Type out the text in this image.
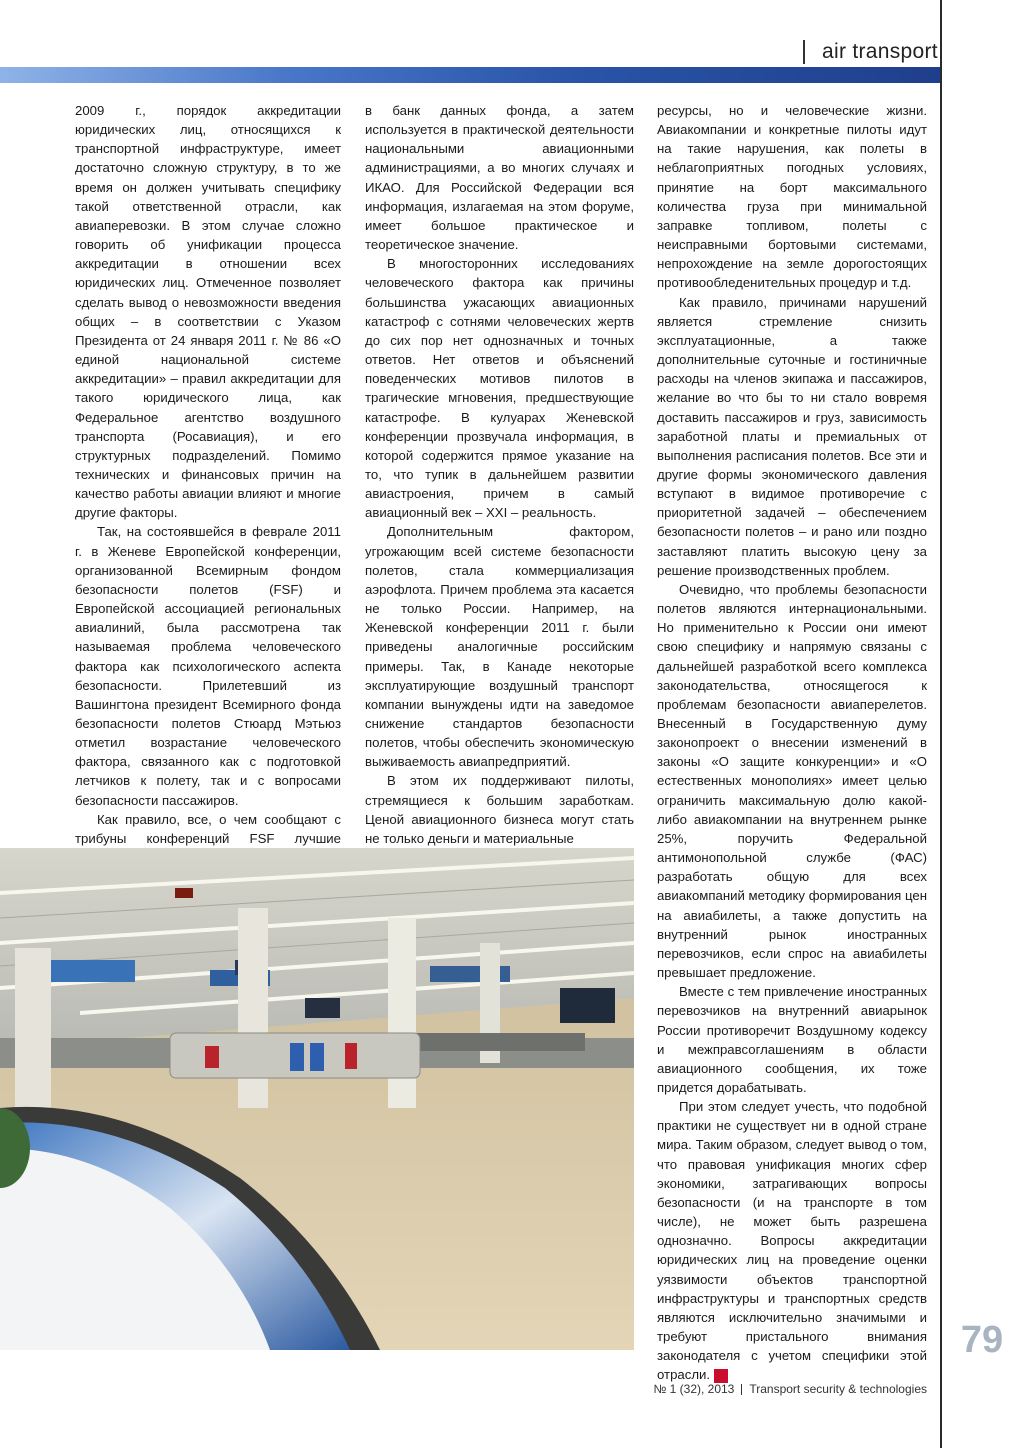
air transport

2009 г., порядок аккредитации юридических лиц, относящихся к транспортной инфраструктуре, имеет достаточно сложную структуру, в то же время он должен учитывать специфику такой ответственной отрасли, как авиаперевозки. В этом случае сложно говорить об унификации процесса аккредитации в отношении всех юридических лиц. Отмеченное позволяет сделать вывод о невозможности введения общих – в соответствии с Указом Президента от 24 января 2011 г. № 86 «О единой национальной системе аккредитации» – правил аккредитации для такого юридического лица, как Федеральное агентство воздушного транспорта (Росавиация), и его структурных подразделений. Помимо технических и финансовых причин на качество работы авиации влияют и многие другие факторы.

Так, на состоявшейся в феврале 2011 г. в Женеве Европейской конференции, организованной Всемирным фондом безопасности полетов (FSF) и Европейской ассоциацией региональных авиалиний, была рассмотрена так называемая проблема человеческого фактора как психологического аспекта безопасности. Прилетевший из Вашингтона президент Всемирного фонда безопасности полетов Стюард Мэтьюз отметил возрастание человеческого фактора, связанного как с подготовкой летчиков к полету, так и с вопросами безопасности пассажиров.

Как правило, все, о чем сообщают с трибуны конференций FSF лучшие

в банк данных фонда, а затем используется в практической деятельности национальными авиационными администрациями, а во многих случаях и ИКАО. Для Российской Федерации вся информация, излагаемая на этом форуме, имеет большое практическое и теоретическое значение.

В многосторонних исследованиях человеческого фактора как причины большинства ужасающих авиационных катастроф с сотнями человеческих жертв до сих пор нет однозначных и точных ответов. Нет ответов и объяснений поведенческих мотивов пилотов в трагические мгновения, предшествующие катастрофе. В кулуарах Женевской конференции прозвучала информация, в которой содержится прямое указание на то, что тупик в дальнейшем развитии авиастроения, причем в самый авиационный век – XXI – реальность.

Дополнительным фактором, угрожающим всей системе безопасности полетов, стала коммерциализация аэрофлота. Причем проблема эта касается не только России. Например, на Женевской конференции 2011 г. были приведены аналогичные российским примеры. Так, в Канаде некоторые эксплуатирующие воздушный транспорт компании вынуждены идти на заведомое снижение стандартов безопасности полетов, чтобы обеспечить экономическую выживаемость авиапредприятий.

В этом их поддерживают пилоты, стремящиеся к большим заработкам. Ценой авиационного бизнеса могут стать не только деньги и материальные

ресурсы, но и человеческие жизни. Авиакомпании и конкретные пилоты идут на такие нарушения, как полеты в неблагоприятных погодных условиях, принятие на борт максимального количества груза при минимальной заправке топливом, полеты с неисправными бортовыми системами, непрохождение на земле дорогостоящих противообледенительных процедур и т.д.

Как правило, причинами нарушений является стремление снизить эксплуатационные, а также дополнительные суточные и гостиничные расходы на членов экипажа и пассажиров, желание во что бы то ни стало вовремя доставить пассажиров и груз, зависимость заработной платы и премиальных от выполнения расписания полетов. Все эти и другие формы экономического давления вступают в видимое противоречие с приоритетной задачей – обеспечением безопасности полетов – и рано или поздно заставляют платить высокую цену за решение производственных проблем.

Очевидно, что проблемы безопасности полетов являются интернациональными. Но применительно к России они имеют свою специфику и напрямую связаны с дальнейшей разработкой всего комплекса законодательства, относящегося к проблемам безопасности авиаперелетов. Внесенный в Государственную думу законопроект о внесении изменений в законы «О защите конкуренции» и «О естественных монополиях» имеет целью ограничить максимальную долю какой-либо авиакомпании на внутреннем рынке 25%, поручить Федеральной антимонопольной службе (ФАС) разработать общую для всех авиакомпаний методику формирования цен на авиабилеты, а также допустить на внутренний рынок иностранных перевозчиков, если спрос на авиабилеты превышает предложение.

Вместе с тем привлечение иностранных перевозчиков на внутренний авиарынок России противоречит Воздушному кодексу и межправсоглашениям в области авиационного сообщения, их тоже придется дорабатывать.

При этом следует учесть, что подобной практики не существует ни в одной стране мира. Таким образом, следует вывод о том, что правовая унификация многих сфер экономики, затрагивающих вопросы безопасности (и на транспорте в том числе), не может быть разрешена однозначно. Вопросы аккредитации юридических лиц на проведение оценки уязвимости объектов транспортной инфраструктуры и транспортных средств являются исключительно значимыми и требуют пристального внимания законодателя с учетом специфики этой отрасли.	TT

79
№ 1 (32), 2013 Transport security & technologies
